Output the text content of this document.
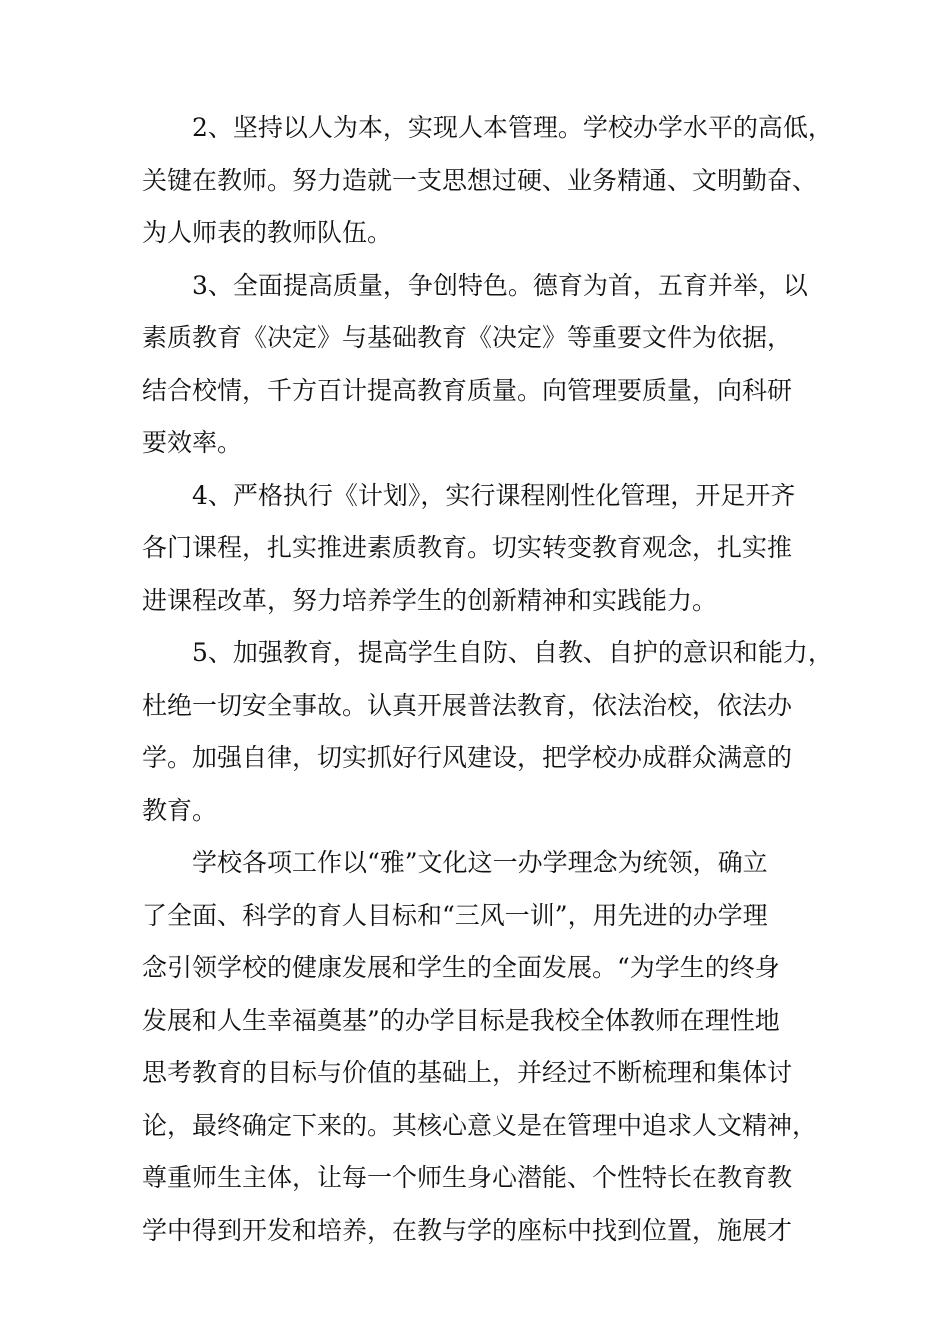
2、坚持以人为本，实现人本管理。学校办学水平的高低，
关键在教师。努力造就一支思想过硬、业务精通、文明勤奋、
为人师表的教师队伍。
3、全面提高质量，争创特色。德育为首，五育并举，以
素质教育《决定》与基础教育《决定》等重要文件为依据，
结合校情，千方百计提高教育质量。向管理要质量，向科研
要效率。
4、严格执行《计划》，实行课程刚性化管理，开足开齐
各门课程，扎实推进素质教育。切实转变教育观念，扎实推
进课程改革，努力培养学生的创新精神和实践能力。
5、加强教育，提高学生自防、自教、自护的意识和能力，
杜绝一切安全事故。认真开展普法教育，依法治校，依法办
学。加强自律，切实抓好行风建设，把学校办成群众满意的
教育。
学校各项工作以“雅”文化这一办学理念为统领，确立
了全面、科学的育人目标和“三风一训”，用先进的办学理
念引领学校的健康发展和学生的全面发展。“为学生的终身
发展和人生幸福奠基”的办学目标是我校全体教师在理性地
思考教育的目标与价值的基础上，并经过不断梳理和集体讨
论，最终确定下来的。其核心意义是在管理中追求人文精神，
尊重师生主体，让每一个师生身心潜能、个性特长在教育教
学中得到开发和培养，在教与学的座标中找到位置，施展才
